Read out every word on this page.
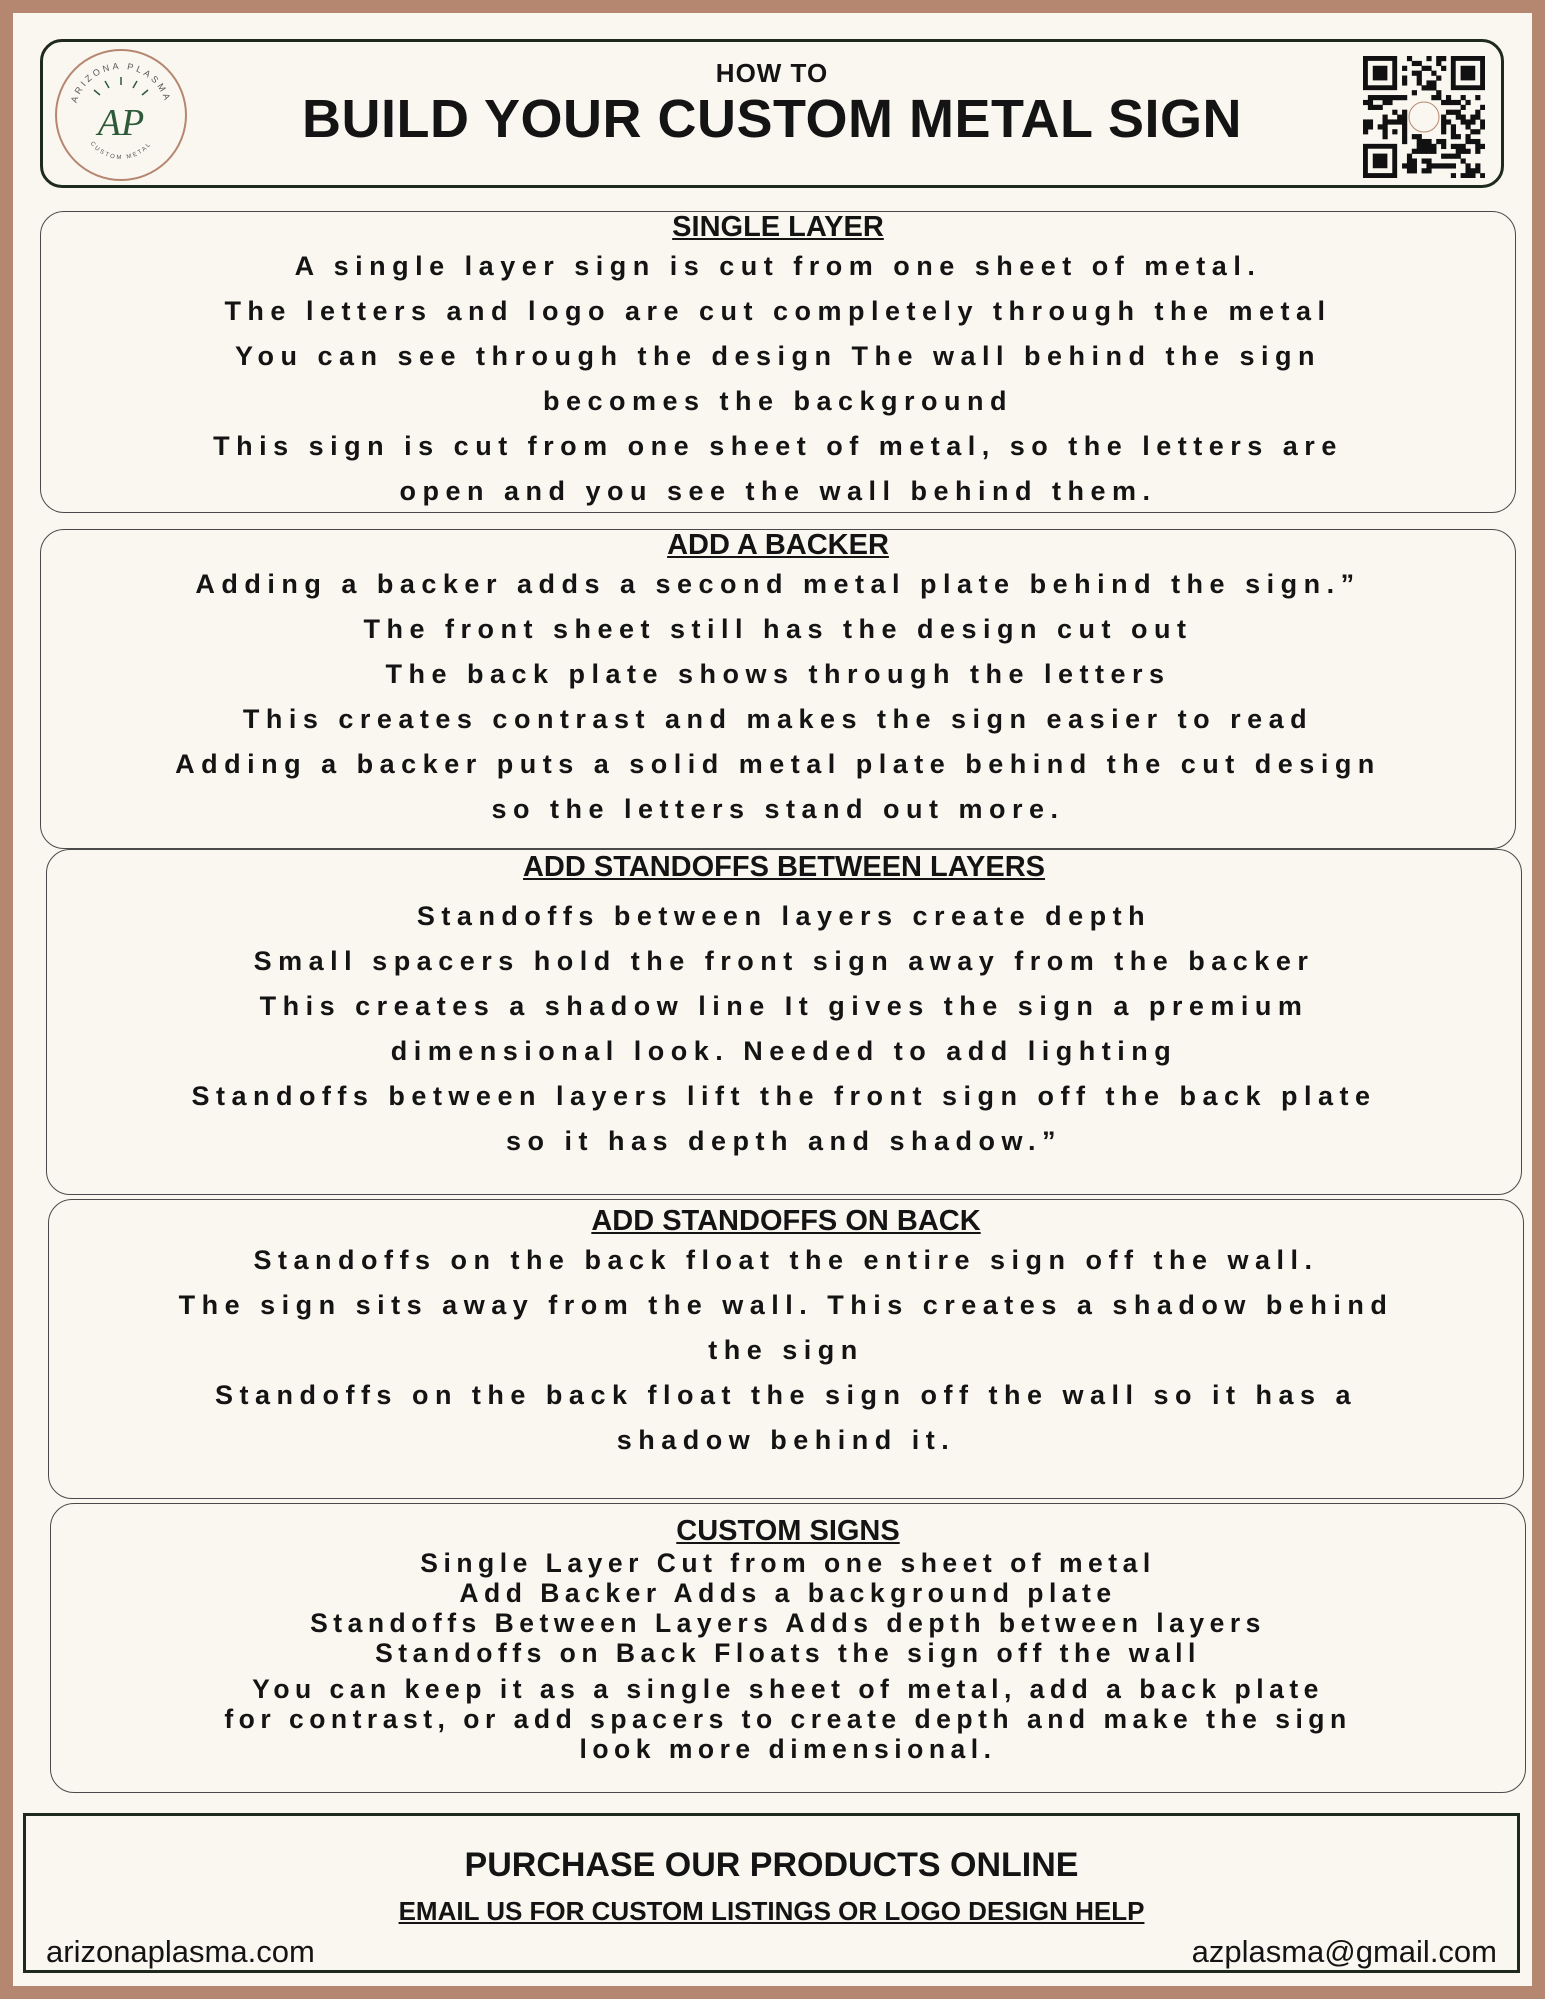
ARIZONA PLASMA
CUSTOM METAL
AP
HOW TO
BUILD YOUR CUSTOM METAL SIGN
SINGLE LAYER
A single layer sign is cut from one sheet of metal.
The letters and logo are cut completely through the metal
You can see through the design The wall behind the sign
becomes the background
This sign is cut from one sheet of metal, so the letters are
open and you see the wall behind them.
ADD A BACKER
Adding a backer adds a second metal plate behind the sign.”
The front sheet still has the design cut out
The back plate shows through the letters
This creates contrast and makes the sign easier to read
Adding a backer puts a solid metal plate behind the cut design
so the letters stand out more.
ADD STANDOFFS BETWEEN LAYERS
Standoffs between layers create depth
Small spacers hold the front sign away from the backer
This creates a shadow line It gives the sign a premium
dimensional look. Needed to add lighting
Standoffs between layers lift the front sign off the back plate
so it has depth and shadow.”
ADD STANDOFFS ON BACK
Standoffs on the back float the entire sign off the wall.
The sign sits away from the wall. This creates a shadow behind
the sign
Standoffs on the back float the sign off the wall so it has a
shadow behind it.
CUSTOM SIGNS
Single Layer Cut from one sheet of metal
Add Backer Adds a background plate
Standoffs Between Layers Adds depth between layers
Standoffs on Back Floats the sign off the wall
You can keep it as a single sheet of metal, add a back plate
for contrast, or add spacers to create depth and make the sign
look more dimensional.
PURCHASE OUR PRODUCTS ONLINE
EMAIL US FOR CUSTOM LISTINGS OR LOGO DESIGN HELP
arizonaplasma.com	azplasma@gmail.com
